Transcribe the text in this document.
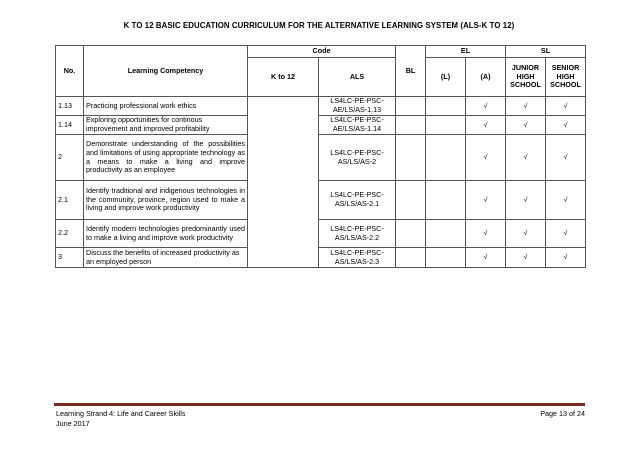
K TO 12 BASIC EDUCATION CURRICULUM FOR THE ALTERNATIVE LEARNING SYSTEM (ALS-K TO 12)
No.	Learning Competency	Code		BL	EL		SL	
		K to 12	ALS		(L)	(A)	JUNIOR HIGH SCHOOL	SENIOR HIGH SCHOOL
1.13	Practicing professional work ethics		LS4LC-PE-PSC-AE/LS/AS-1.13			√	√	√
1.14	Exploring opportunities for continous improvement and improved profitability		LS4LC-PE-PSC-AE/LS/AS-1.14			√	√	√
2	Demonstrate understanding of the possibilities and limitations of using appropriate technology as a means to make a living and improve productivity as an employee		LS4LC-PE-PSC-AS/LS/AS-2			√	√	√
2.1	Identify traditional and indigenous technologies in the community, province, region used to make a living and improve work productivity		LS4LC-PE-PSC-AS/LS/AS-2.1			√	√	√
2.2	Identify modern technologies predominantly used to make a living and improve work productivity		LS4LC-PE-PSC-AS/LS/AS-2.2			√	√	√
3	Discuss the benefits of increased productivity as an employed person		LS4LC-PE-PSC-AS/LS/AS-2.3			√	√	√
Learning Strand 4: Life and Career Skills
June 2017
Page 13 of 24
